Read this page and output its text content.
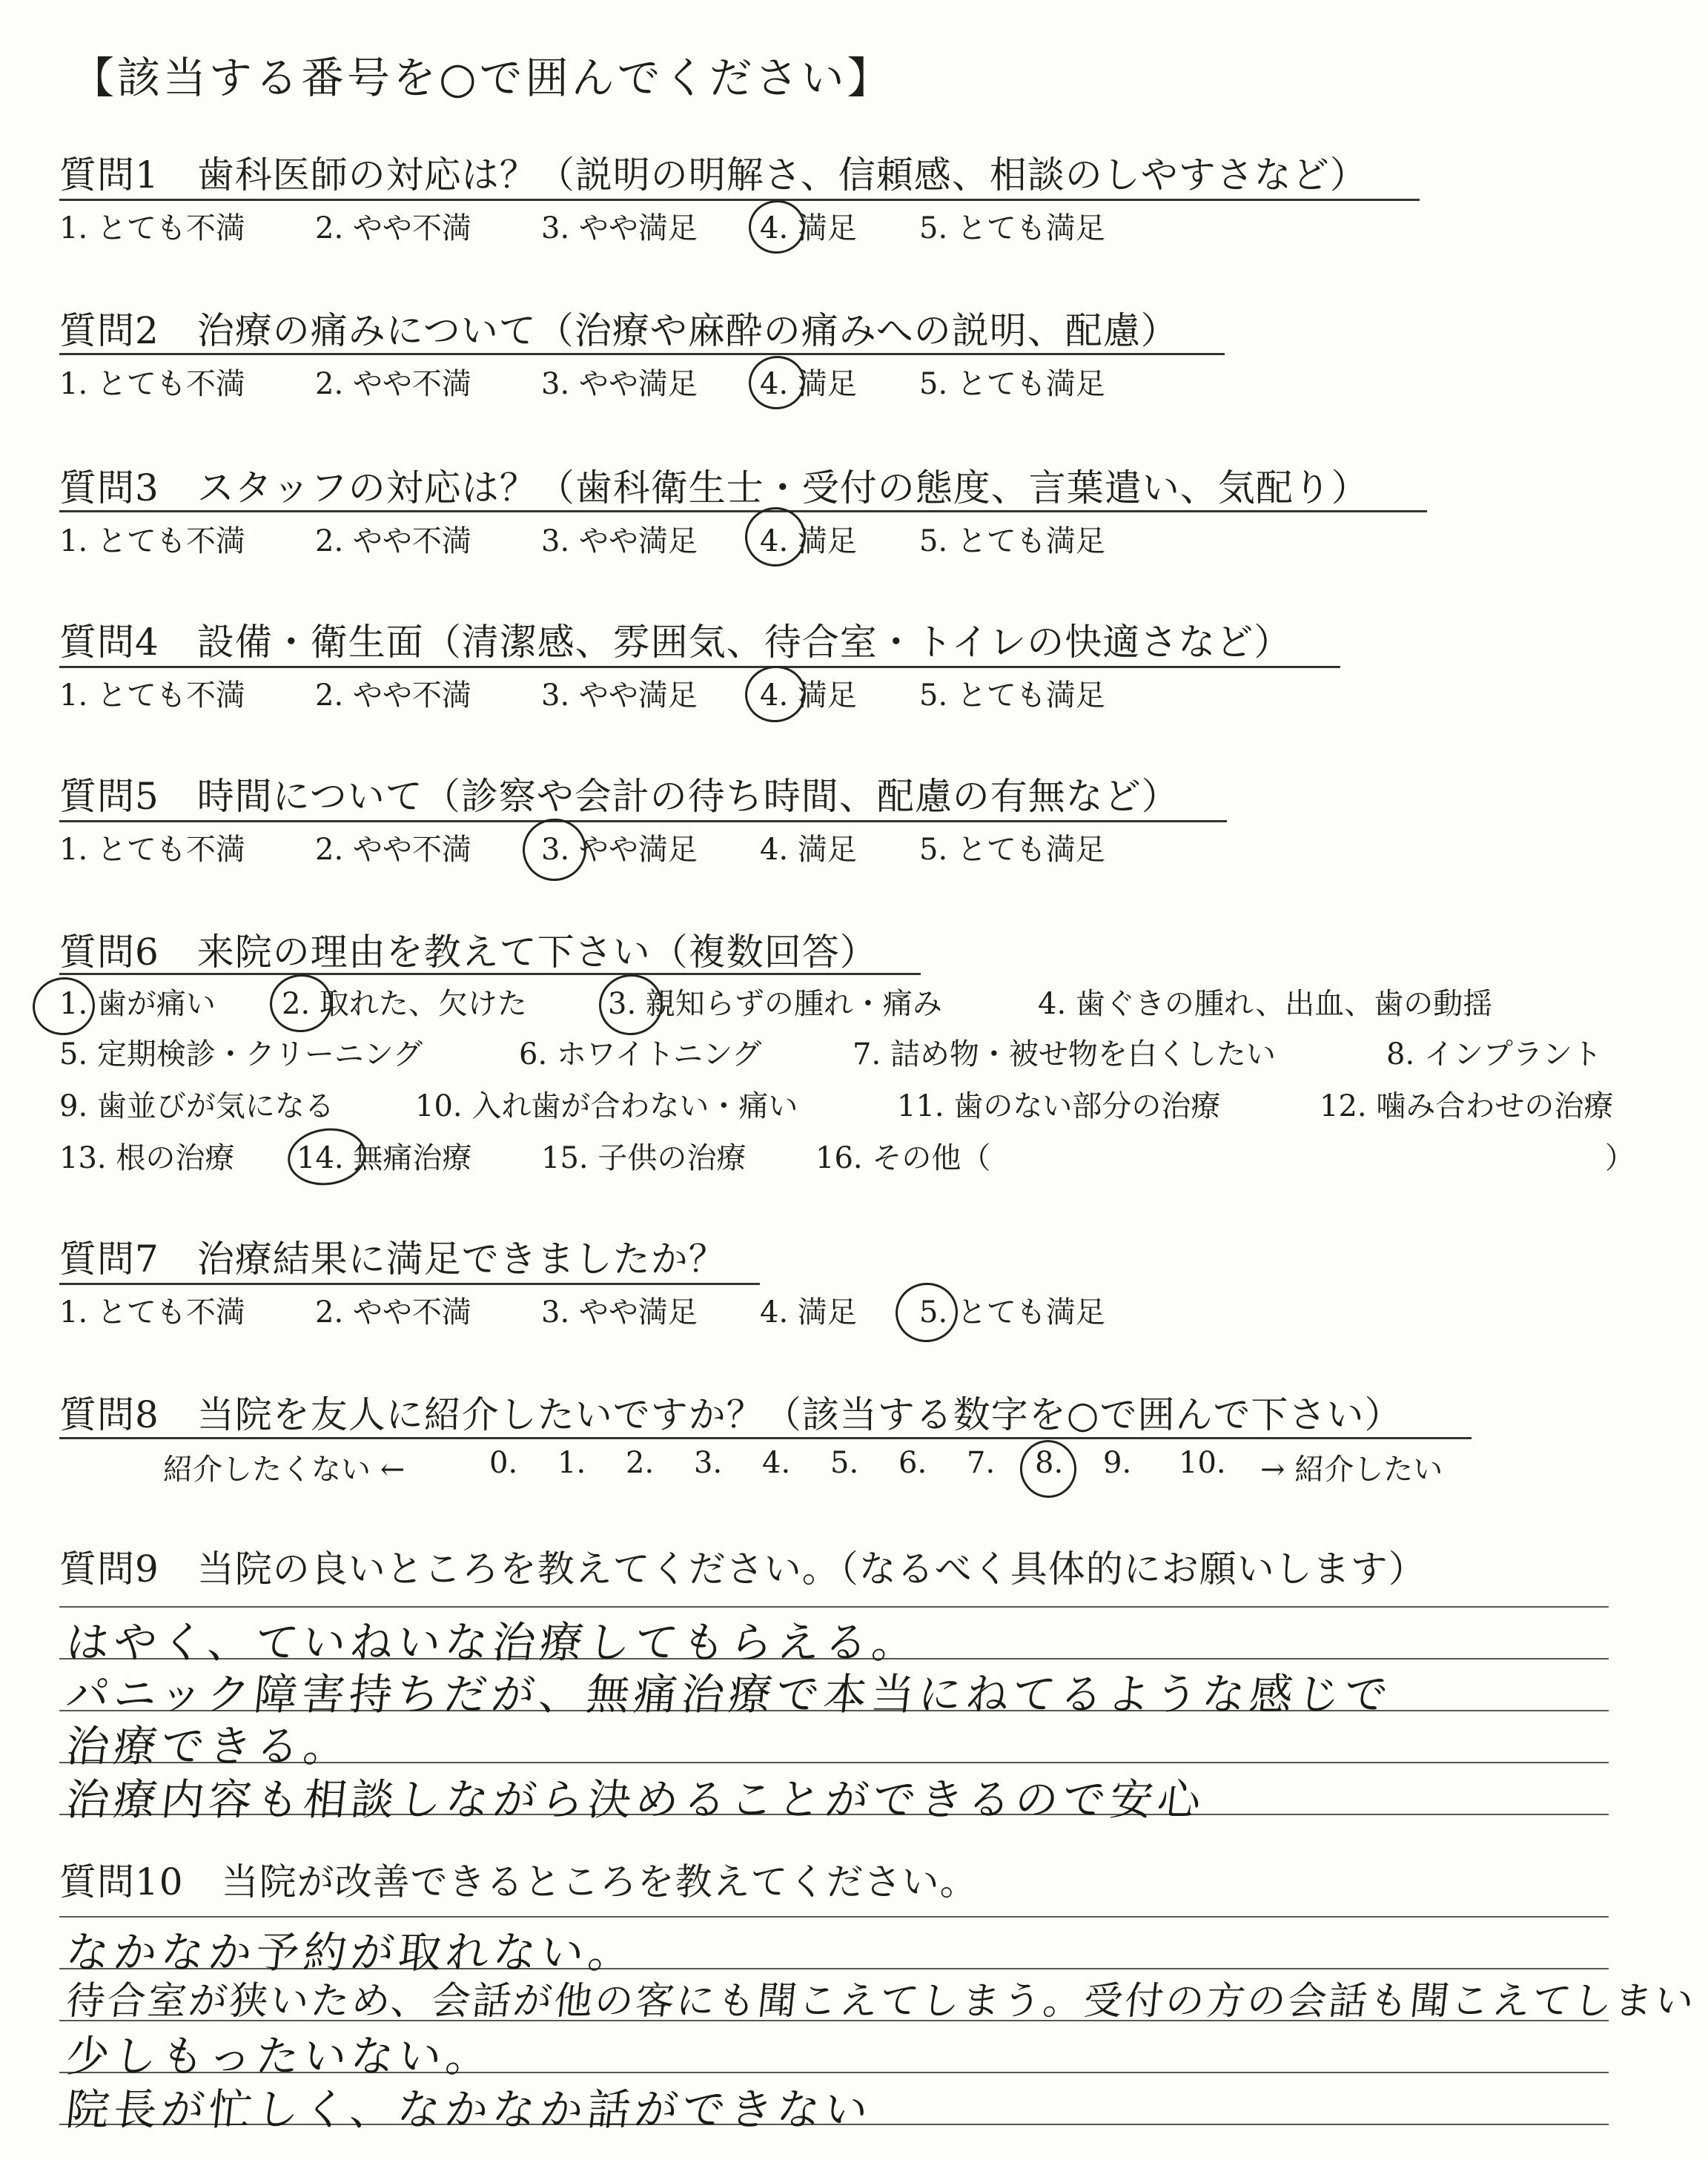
【該当する番号を○で囲んでください】
質問1　歯科医師の対応は？（説明の明解さ、信頼感、相談のしやすさなど）
1. とても不満 2. やや不満 3. やや満足 4. 満足 5. とても満足
質問2　治療の痛みについて（治療や麻酔の痛みへの説明、配慮）
1. とても不満 2. やや不満 3. やや満足 4. 満足 5. とても満足
質問3　スタッフの対応は？（歯科衛生士・受付の態度、言葉遣い、気配り）
1. とても不満 2. やや不満 3. やや満足 4. 満足 5. とても満足
質問4　設備・衛生面（清潔感、雰囲気、待合室・トイレの快適さなど）
1. とても不満 2. やや不満 3. やや満足 4. 満足 5. とても満足
質問5　時間について（診察や会計の待ち時間、配慮の有無など）
1. とても不満 2. やや不満 3. やや満足 4. 満足 5. とても満足
質問6　来院の理由を教えて下さい（複数回答）
1. 歯が痛い 2. 取れた、欠けた	3. 親知らずの腫れ・痛み	4. 歯ぐきの腫れ、出血、歯の動揺
5. 定期検診・クリーニング	6. ホワイトニング	7. 詰め物・被せ物を白くしたい	8. インプラント
9. 歯並びが気になる	10. 入れ歯が合わない・痛い	11. 歯のない部分の治療	12. 噛み合わせの治療
13. 根の治療 14. 無痛治療 15. 子供の治療 16. その他（	）
質問7　治療結果に満足できましたか？
1. とても不満 2. やや不満 3. やや満足 4. 満足 5. とても満足
質問8　当院を友人に紹介したいですか？（該当する数字を○で囲んで下さい）
紹介したくない ←	0. 1. 2. 3. 4. 5. 6. 7. 8. 9. 10. → 紹介したい
質問9　当院の良いところを教えてください。（なるべく具体的にお願いします）
はやく、ていねいな治療してもらえる。
パニック障害持ちだが、無痛治療で本当にねてるような感じで
治療できる。
治療内容も相談しながら決めることができるので安心
質問10　当院が改善できるところを教えてください。
なかなか予約が取れない。
待合室が狭いため、会話が他の客にも聞こえてしまう。受付の方の会話も聞こえてしまい
少しもったいない。
院長が忙しく、なかなか話ができない
